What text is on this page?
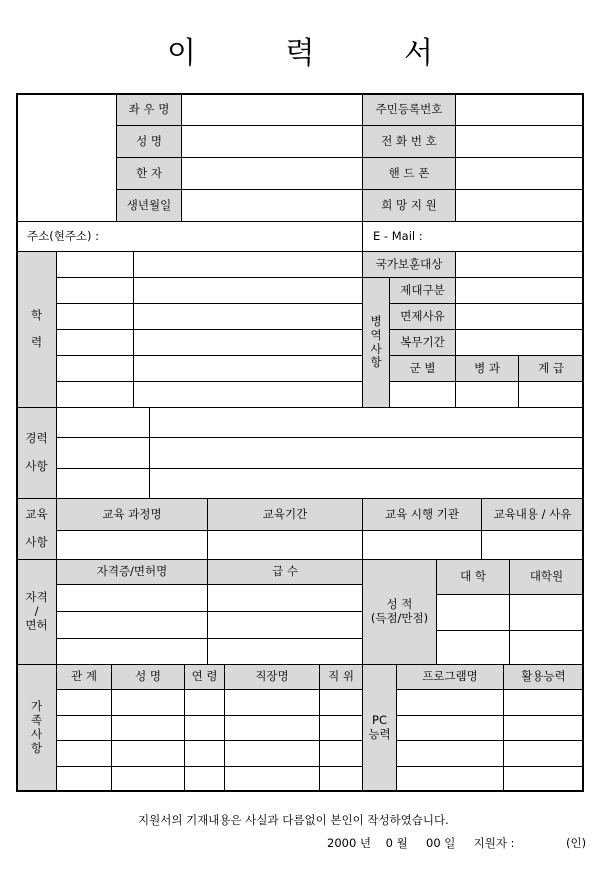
이 력 서
좌 우 명	주민등록번호
성 명	전 화 번 호
한 자	핸 드 폰
생년월일	희 망 지 원
주소(현주소) :	E - Mail :
학

력
국가보훈대상
병
역
사
항
제대구분
면제사유
복무기간
군 별	병 과	계 급
경력

사항
교육

사항
교육 과정명	교육기간	교육 시행 기관	교육내용 / 사유
자격
/
면허
자격증/면허명	급 수
성 적
(득점/만점)
대 학	대학원
가
족
사
항
관 계	성 명	연 령	직장명	직 위
PC
능력
프로그램명	활용능력
지원서의 기재내용은 사실과 다름없이 본인이 작성하였습니다.
2000 년    0 월     00 일     지원자 :	(인)
